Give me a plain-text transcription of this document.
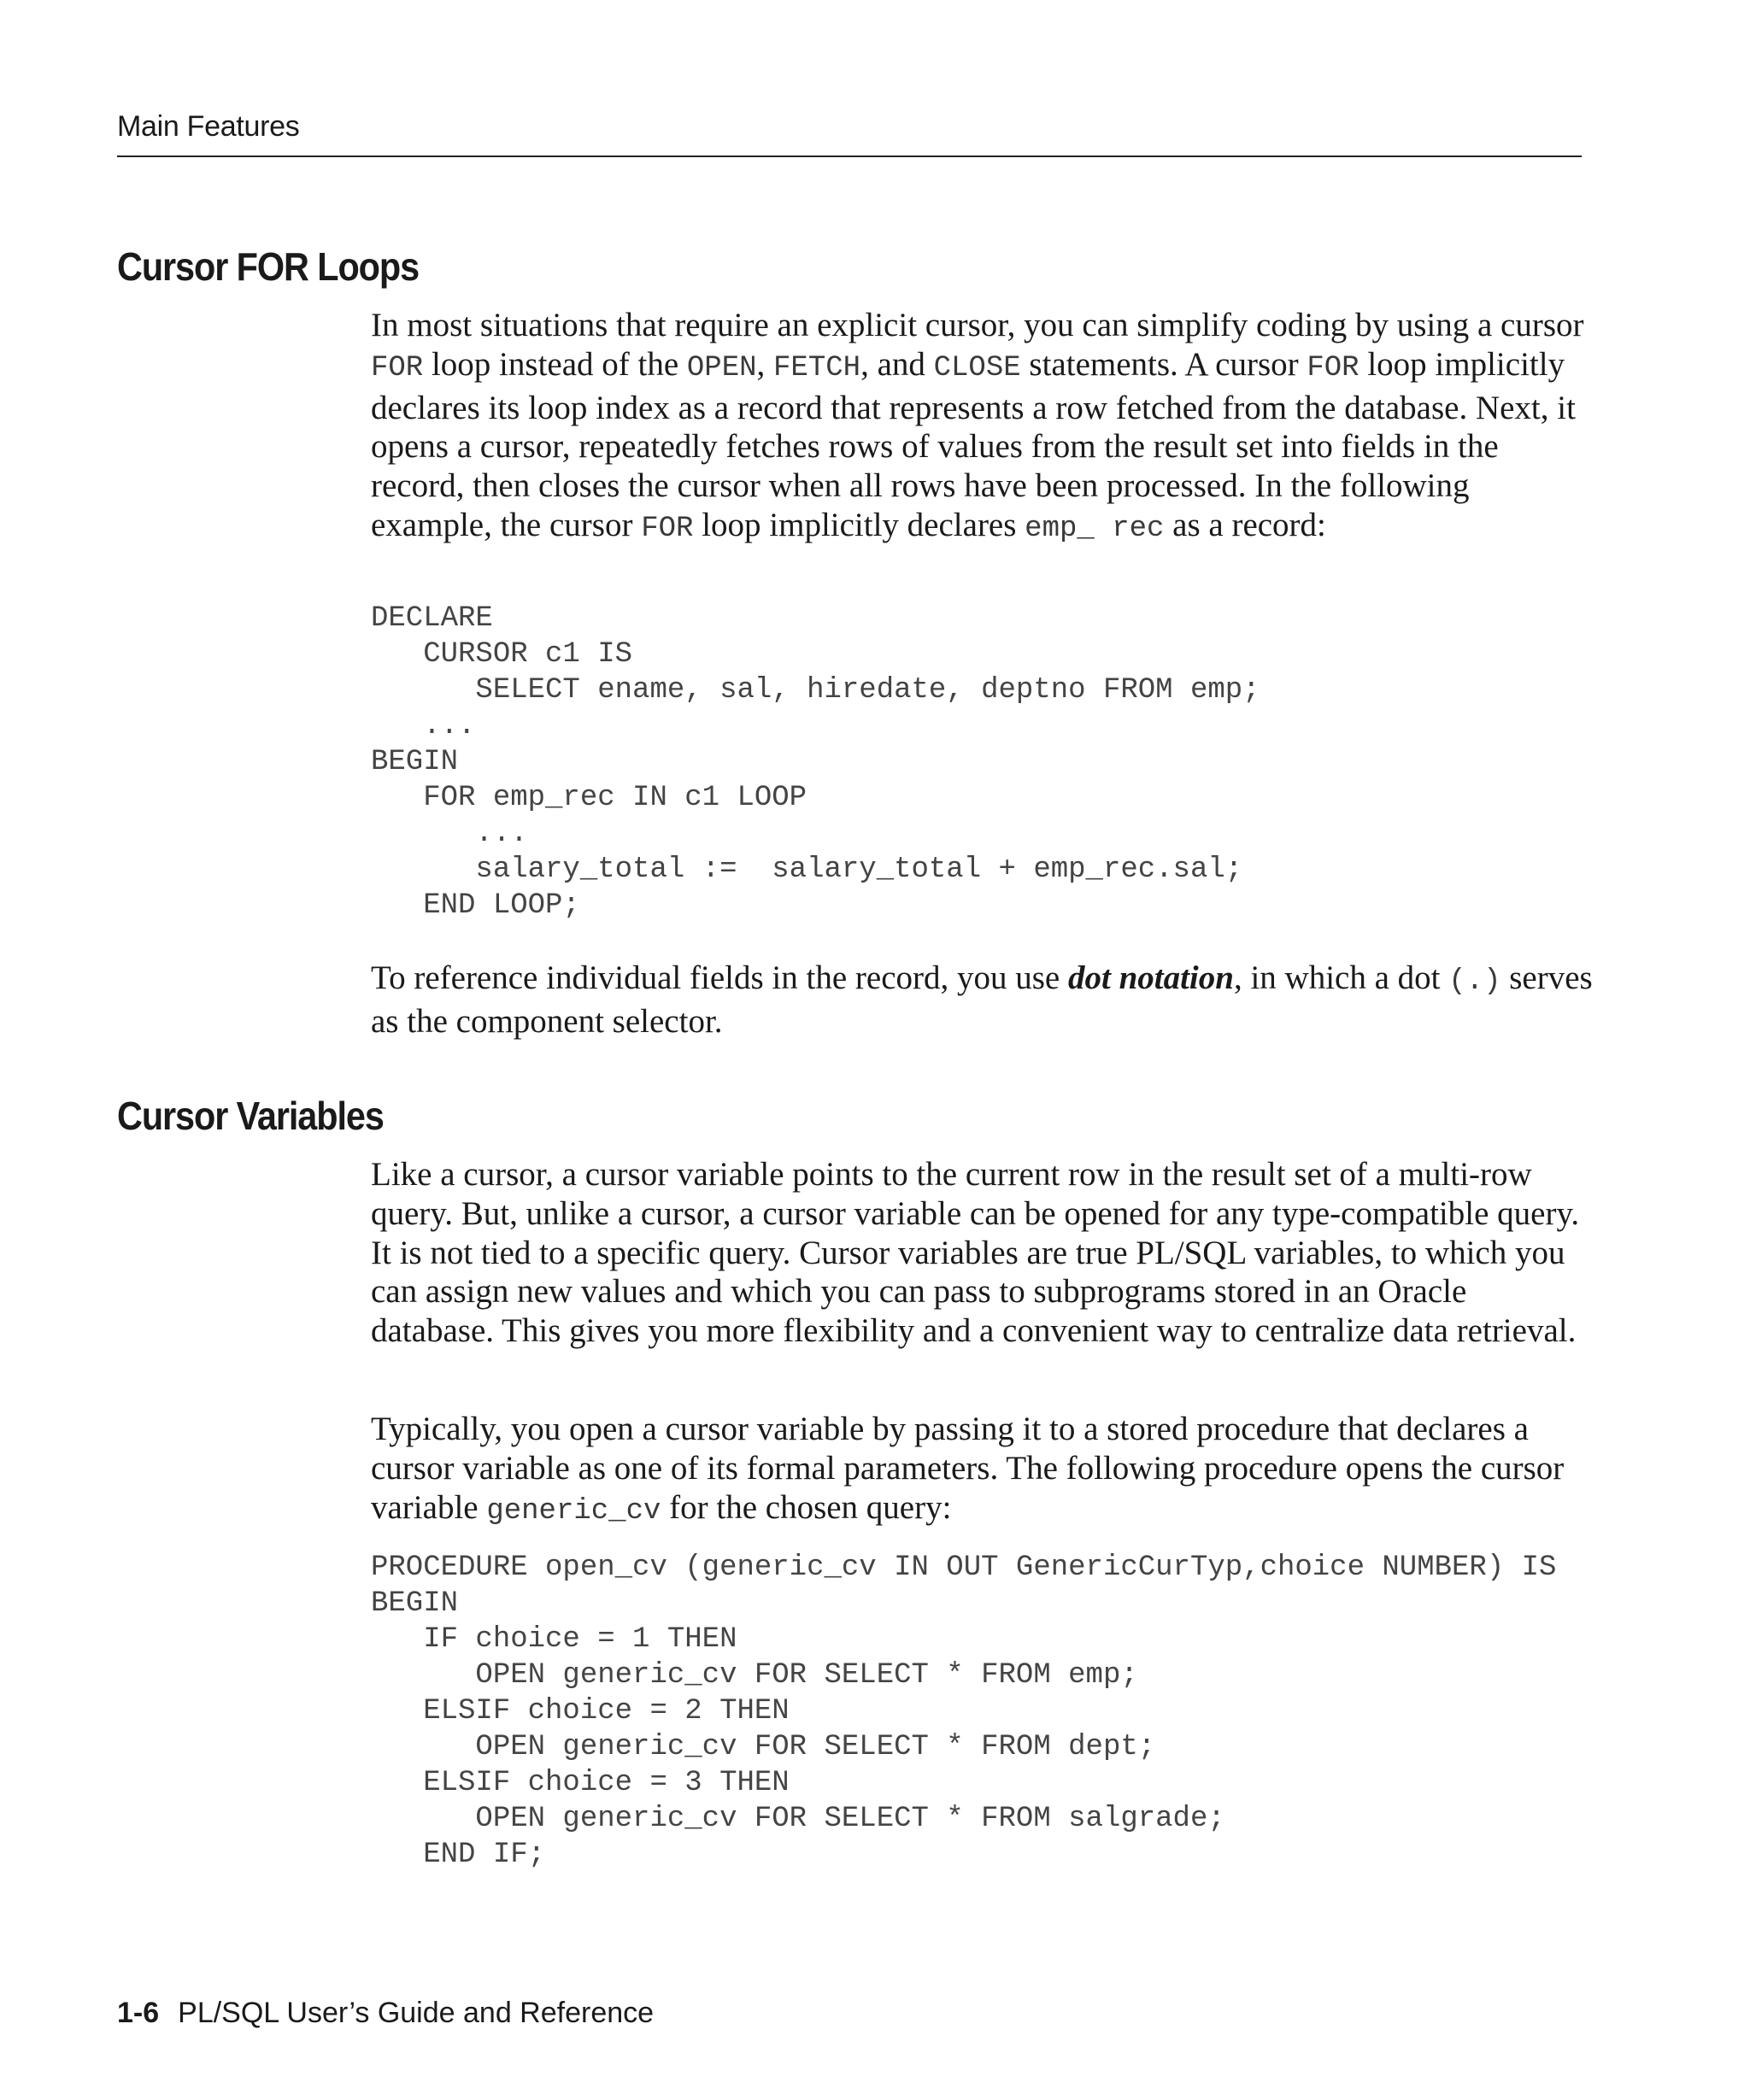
Main Features
Cursor FOR Loops

In most situations that require an explicit cursor, you can simplify coding by using a cursor FOR loop instead of the OPEN, FETCH, and CLOSE statements. A cursor FOR loop implicitly declares its loop index as a record that represents a row fetched from the database. Next, it opens a cursor, repeatedly fetches rows of values from the result set into fields in the record, then closes the cursor when all rows have been processed. In the following example, the cursor FOR loop implicitly declares emp_ rec as a record:

DECLARE
CURSOR c1 IS
SELECT ename, sal, hiredate, deptno FROM emp;
...
BEGIN
FOR emp_rec IN c1 LOOP
...
salary_total :=  salary_total + emp_rec.sal;
END LOOP;

To reference individual fields in the record, you use dot notation, in which a dot (.) serves as the component selector.

Cursor Variables

Like a cursor, a cursor variable points to the current row in the result set of a multi-row query. But, unlike a cursor, a cursor variable can be opened for any type-compatible query. It is not tied to a specific query. Cursor variables are true PL/SQL variables, to which you can assign new values and which you can pass to subprograms stored in an Oracle database. This gives you more flexibility and a convenient way to centralize data retrieval.

Typically, you open a cursor variable by passing it to a stored procedure that declares a cursor variable as one of its formal parameters. The following procedure opens the cursor variable generic_cv for the chosen query:

PROCEDURE open_cv (generic_cv IN OUT GenericCurTyp,choice NUMBER) IS
BEGIN
IF choice = 1 THEN
OPEN generic_cv FOR SELECT * FROM emp;
ELSIF choice = 2 THEN
OPEN generic_cv FOR SELECT * FROM dept;
ELSIF choice = 3 THEN
OPEN generic_cv FOR SELECT * FROM salgrade;
END IF;
1-6 PL/SQL User’s Guide and Reference
